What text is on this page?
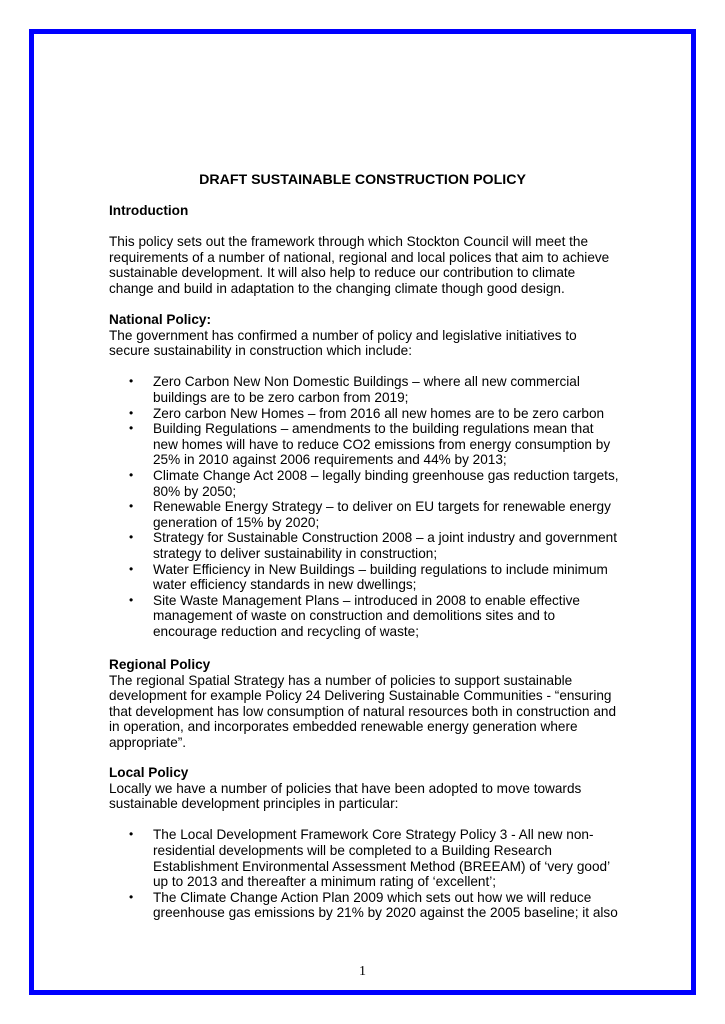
DRAFT SUSTAINABLE CONSTRUCTION POLICY

Introduction

This policy sets out the framework through which Stockton Council will meet the requirements of a number of national, regional and local polices that aim to achieve sustainable development. It will also help to reduce our contribution to climate change and build in adaptation to the changing climate though good design.

National Policy:

The government has confirmed a number of policy and legislative initiatives to secure sustainability in construction which include:

• Zero Carbon New Non Domestic Buildings – where all new commercial buildings are to be zero carbon from 2019;
• Zero carbon New Homes – from 2016 all new homes are to be zero carbon
• Building Regulations – amendments to the building regulations mean that new homes will have to reduce CO2 emissions from energy consumption by 25% in 2010 against 2006 requirements and 44% by 2013;
• Climate Change Act 2008 – legally binding greenhouse gas reduction targets, 80% by 2050;
• Renewable Energy Strategy – to deliver on EU targets for renewable energy generation of 15% by 2020;
• Strategy for Sustainable Construction 2008 – a joint industry and government strategy to deliver sustainability in construction;
• Water Efficiency in New Buildings – building regulations to include minimum water efficiency standards in new dwellings;
• Site Waste Management Plans – introduced in 2008 to enable effective management of waste on construction and demolitions sites and to encourage reduction and recycling of waste;

Regional Policy

The regional Spatial Strategy has a number of policies to support sustainable development for example Policy 24 Delivering Sustainable Communities - “ensuring that development has low consumption of natural resources both in construction and in operation, and incorporates embedded renewable energy generation where appropriate”.

Local Policy

Locally we have a number of policies that have been adopted to move towards sustainable development principles in particular:

• The Local Development Framework Core Strategy Policy 3 - All new non-residential developments will be completed to a Building Research Establishment Environmental Assessment Method (BREEAM) of ‘very good’ up to 2013 and thereafter a minimum rating of ‘excellent’;
• The Climate Change Action Plan 2009 which sets out how we will reduce greenhouse gas emissions by 21% by 2020 against the 2005 baseline; it also
1
